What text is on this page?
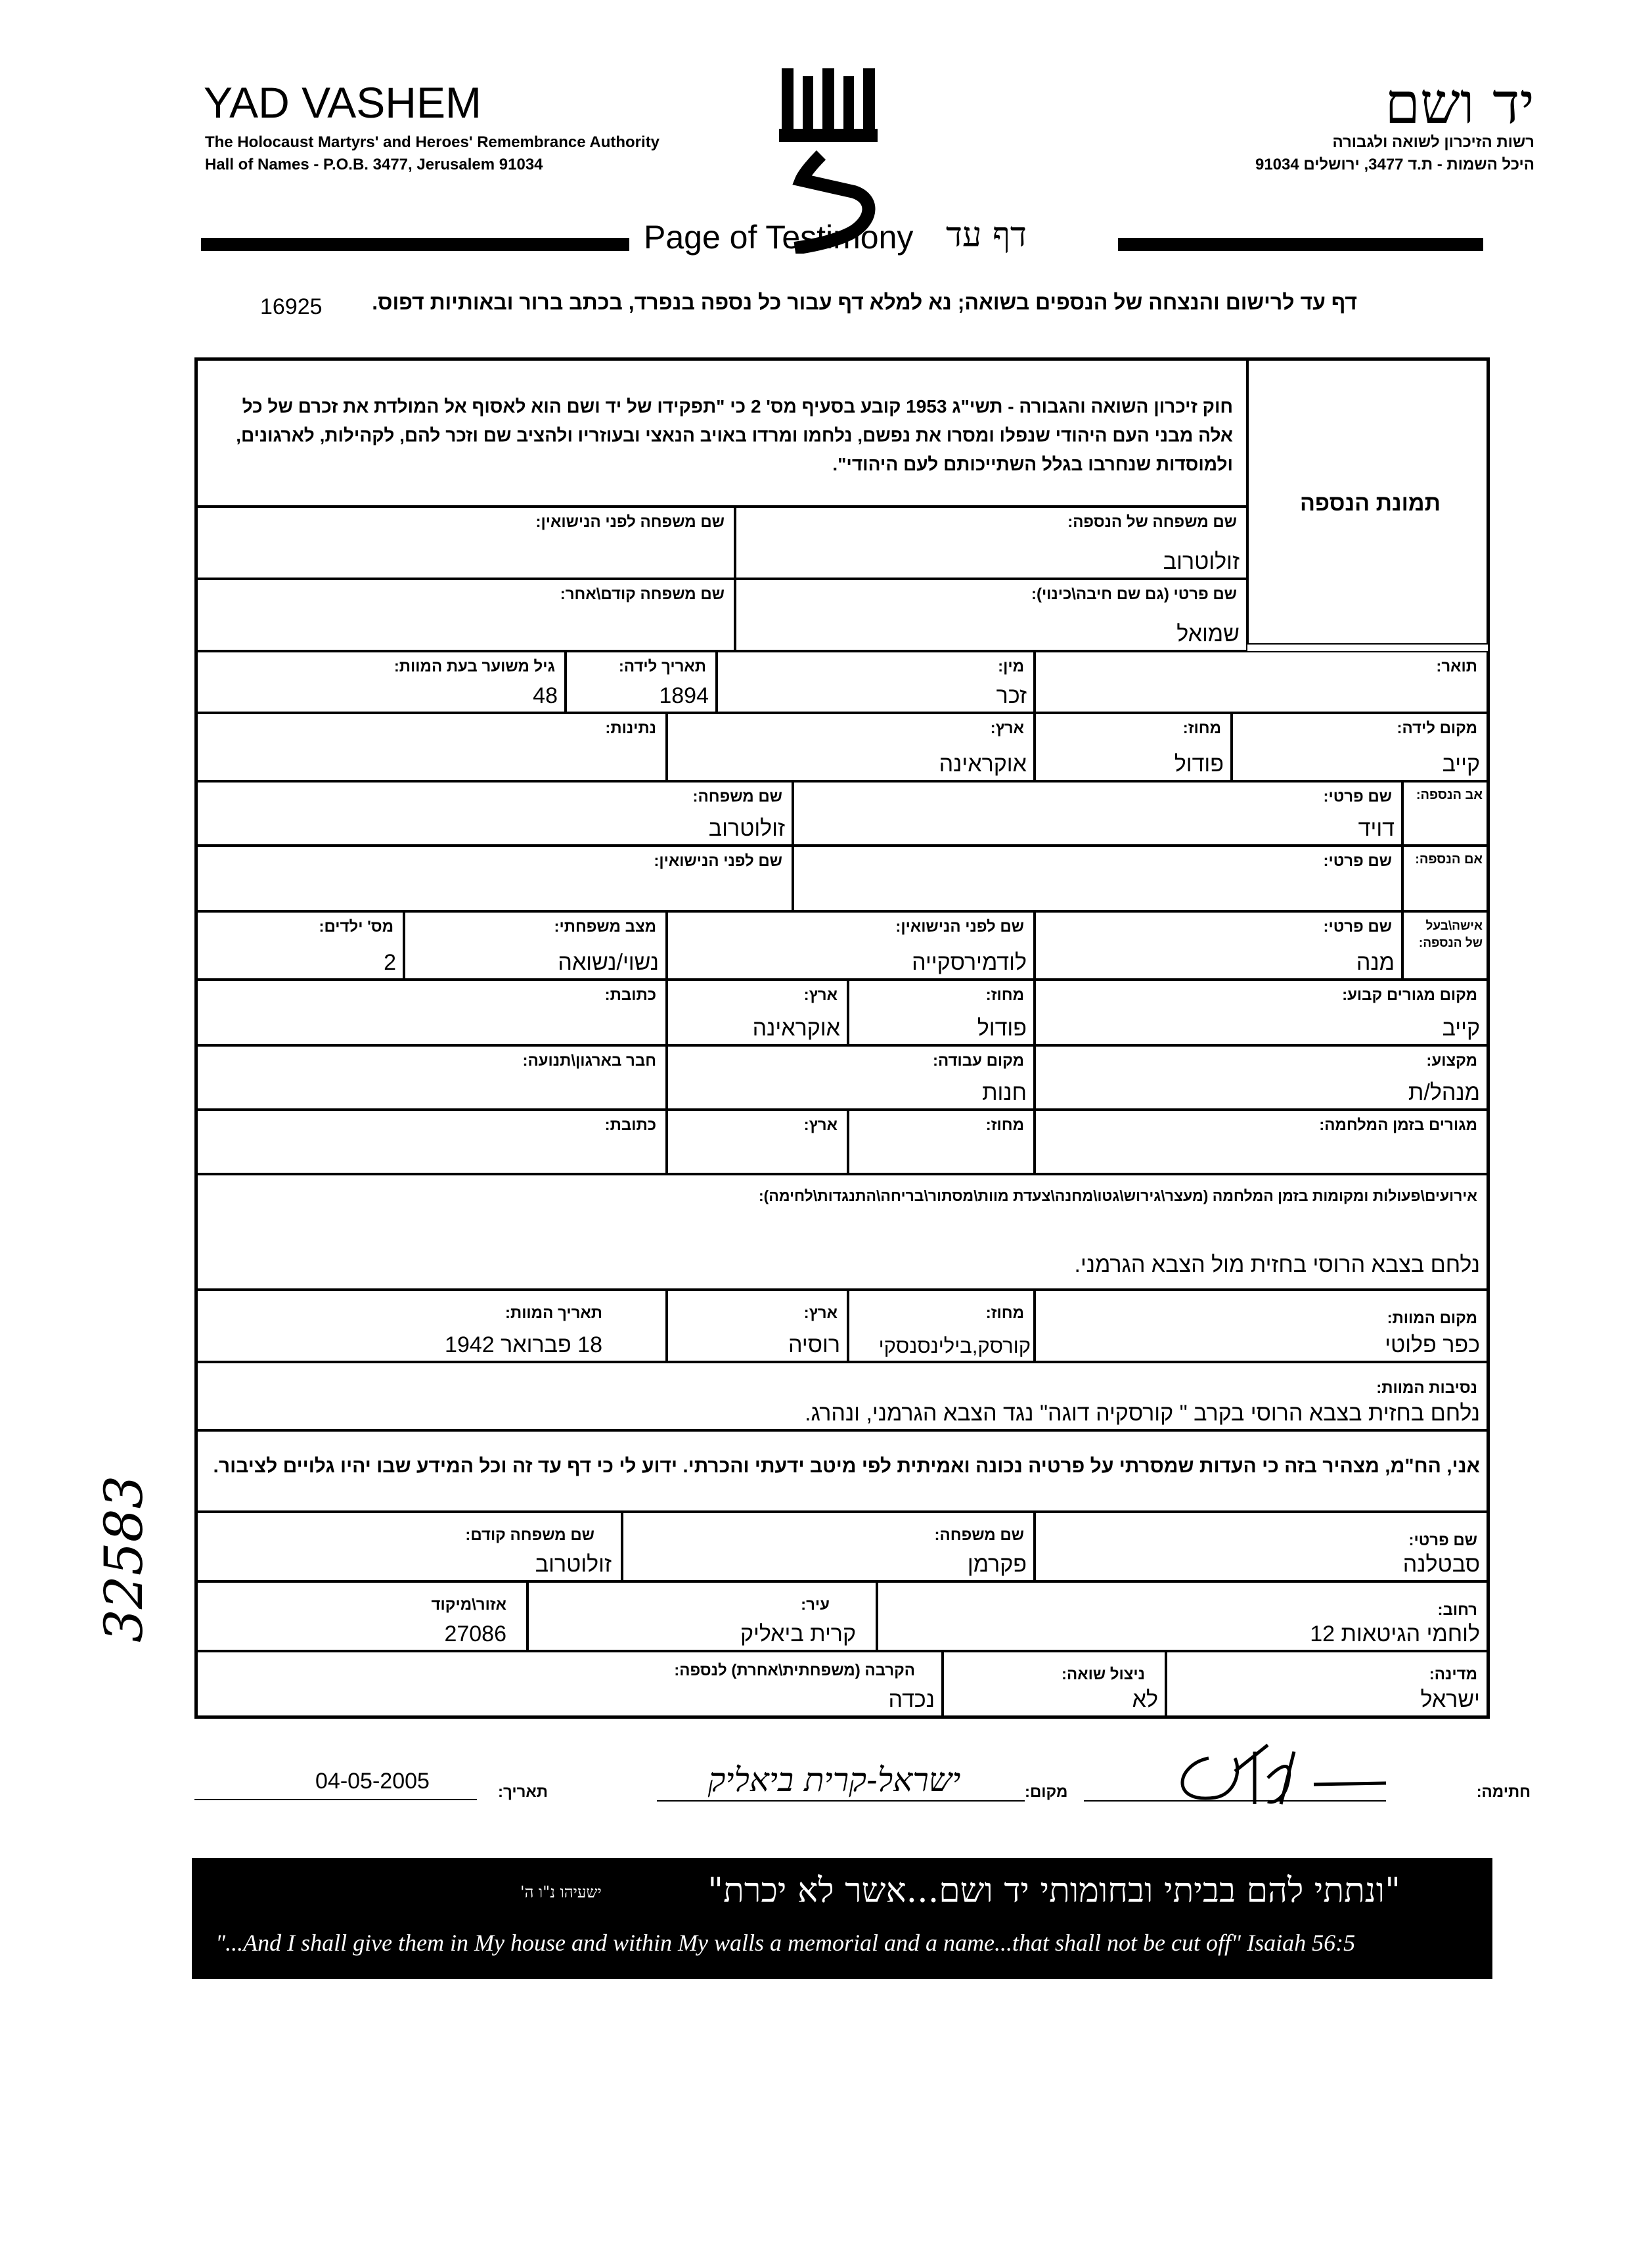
YAD VASHEM
The Holocaust Martyrs' and Heroes' Remembrance Authority
Hall of Names - P.O.B. 3477, Jerusalem 91034
יד ושם
רשות הזיכרון לשואה ולגבורה
היכל השמות - ת.ד 3477, ירושלים 91034
Page of Testimony דף עד
דף עד לרישום והנצחה של הנספים בשואה; נא למלא דף עבור כל נספה בנפרד, בכתב ברור ובאותיות דפוס.
16925
חוק זיכרון השואה והגבורה - תשי"ג 1953 קובע בסעיף מס' 2 כי "תפקידו של יד ושם הוא לאסוף אל המולדת את זכרם של כל אלה מבני העם היהודי שנפלו ומסרו את נפשם, נלחמו ומרדו באויב הנאצי ובעוזריו ולהציב שם וזכר להם, לקהילות, לארגונים, ולמוסדות שנחרבו בגלל השתייכותם לעם היהודי".
תמונת הנספה
שם משפחה של הנספה:
זולוטרוב
שם משפחה לפני הנישואין:
שם פרטי (גם שם חיבה\כינוי):
שמואל
שם משפחה קודם\אחר:
תואר:
מין:
זכר
תאריך לידה:
1894
גיל משוער בעת המוות:
48
מקום לידה:
קייב
מחוז:
פודול
ארץ:
אוקראינה
נתינות:
אב הנספה:
שם פרטי:
דויד
שם משפחה:
זולוטרוב
אם הנספה:
שם פרטי:
שם לפני הנישואין:
אישה\בעל של הנספה:
שם פרטי:
מנה
שם לפני הנישואין:
לודמירסקייה
מצב משפחתי:
נשוי/נשואה
מס' ילדים:
2
מקום מגורים קבוע:
קייב
מחוז:
פודול
ארץ:
אוקראינה
כתובת:
מקצוע:
מנהל/ת
מקום עבודה:
חנות
חבר בארגון\תנועה:
מגורים בזמן המלחמה:
מחוז:
ארץ:
כתובת:
אירועים\פעולות ומקומות בזמן המלחמה (מעצר\גירוש\גטו\מחנה\צעדת מוות\מסתור\בריחה\התנגדות\לחימה):
נלחם בצבא הרוסי בחזית מול הצבא הגרמני.
מקום המוות:
כפר פלוטי
מחוז:
קורסק,בילינסנסקי
ארץ:
רוסיה
תאריך המוות:
18 פברואר 1942
נסיבות המוות:
נלחם בחזית בצבא הרוסי בקרב " קורסקיה דוגה" נגד הצבא הגרמני, ונהרג.
אני, הח"מ, מצהיר בזה כי העדות שמסרתי על פרטיה נכונה ואמיתית לפי מיטב ידעתי והכרתי. ידוע לי כי דף עד זה וכל המידע שבו יהיו גלויים לציבור.
שם פרטי:
סבטלנה
שם משפחה:
פקרמן
שם משפחה קודם:
זולוטרוב
רחוב:
לוחמי הגיטאות 12
עיר:
קרית ביאליק
אזור\מיקוד
27086
מדינה:
ישראל
ניצול שואה:
לא
הקרבה (משפחתית\אחרת) לנספה:
נכדה
חתימה:
מקום:
ישראל-קרית ביאליק
תאריך:
04-05-2005
"ונתתי להם בביתי ובחומותי יד ושם...אשר לא יכרת"
ישעיהו נ"ו ה'
"...And I shall give them in My house and within My walls a memorial and a name...that shall not be cut off" Isaiah 56:5
32583
